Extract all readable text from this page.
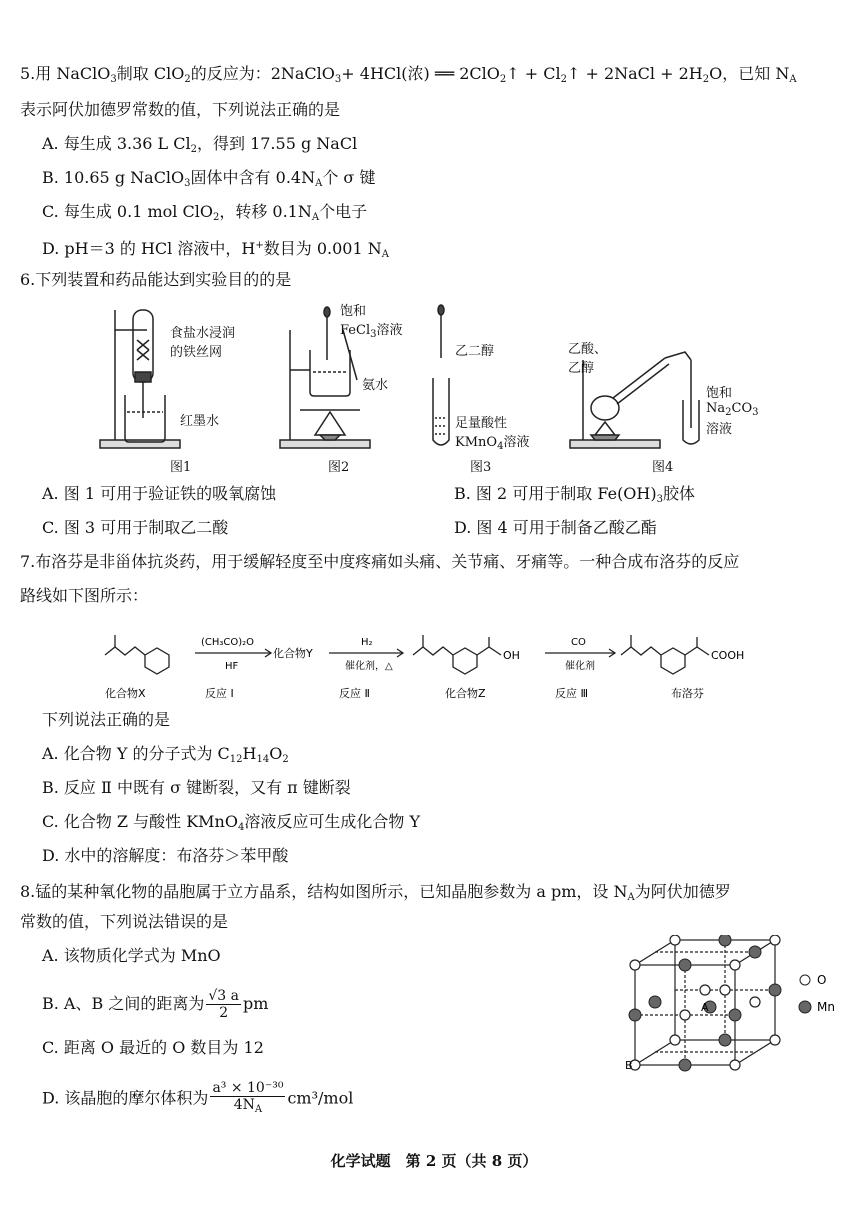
5.用 NaClO$_3$制取 ClO$_2$的反应为：2NaClO$_3$+ 4HCl(浓) ══ 2ClO$_2$↑ + $Cl_2↑$ + 2NaCl + $2H_2O$，已知 $N_A$
表示阿伏加德罗常数的值，下列说法正确的是
A. 每生成 3.36 L $Cl_2$，得到 17.55 g NaCl
B. 10.65 g NaClO$_3$固体中含有 $0.4N_A$个 σ 键
C. 每生成 0.1 mol ClO$_2$，转移 $0.1N_A$个电子
D. pH＝3 的 HCl 溶液中，H+数目为 0.001 $N_A$
6.下列装置和药品能达到实验目的的是
食盐水浸润
的铁丝网
红墨水
图1
饱和
FeCl$_3$溶液
氨水
图2
乙二醇
足量酸性
KMnO$_4$溶液
图3
乙酸、
乙醇
饱和
$Na_2CO_3$
溶液
图4
A. 图 1 可用于验证铁的吸氧腐蚀	B. 图 2 可用于制取 $Fe(OH)_3$胶体
C. 图 3 可用于制取乙二酸	D. 图 4 可用于制备乙酸乙酯
7.布洛芬是非甾体抗炎药，用于缓解轻度至中度疼痛如头痛、关节痛、牙痛等。一种合成布洛芬的反应
路线如下图所示：
(CH₃CO)₂O
HF
化合物Y
H₂
催化剂，△
OH
CO
催化剂
COOH
化合物X	反应 Ⅰ	反应 Ⅱ	化合物Z	反应 Ⅲ	布洛芬
下列说法正确的是
A. 化合物 Y 的分子式为 $C_{12}H_{14}O_2$
B. 反应 Ⅱ 中既有 σ 键断裂，又有 π 键断裂
C. 化合物 Z 与酸性 KMnO$_4$溶液反应可生成化合物 Y
D. 水中的溶解度：布洛芬＞苯甲酸
8.锰的某种氧化物的晶胞属于立方晶系，结构如图所示，已知晶胞参数为 a pm，设 $N_A$为阿伏加德罗
常数的值，下列说法错误的是
A. 该物质化学式为 MnO
B. A、B 之间的距离为 $\frac{√3 a}{2}$ pm
C. 距离 O 最近的 O 数目为 12
D. 该晶胞的摩尔体积为 $\frac{\text{a³ × 10⁻³⁰}}{4N_A} cm^3/mol$
A
B
O
Mn
化学试题　第 2 页（共 8 页）
